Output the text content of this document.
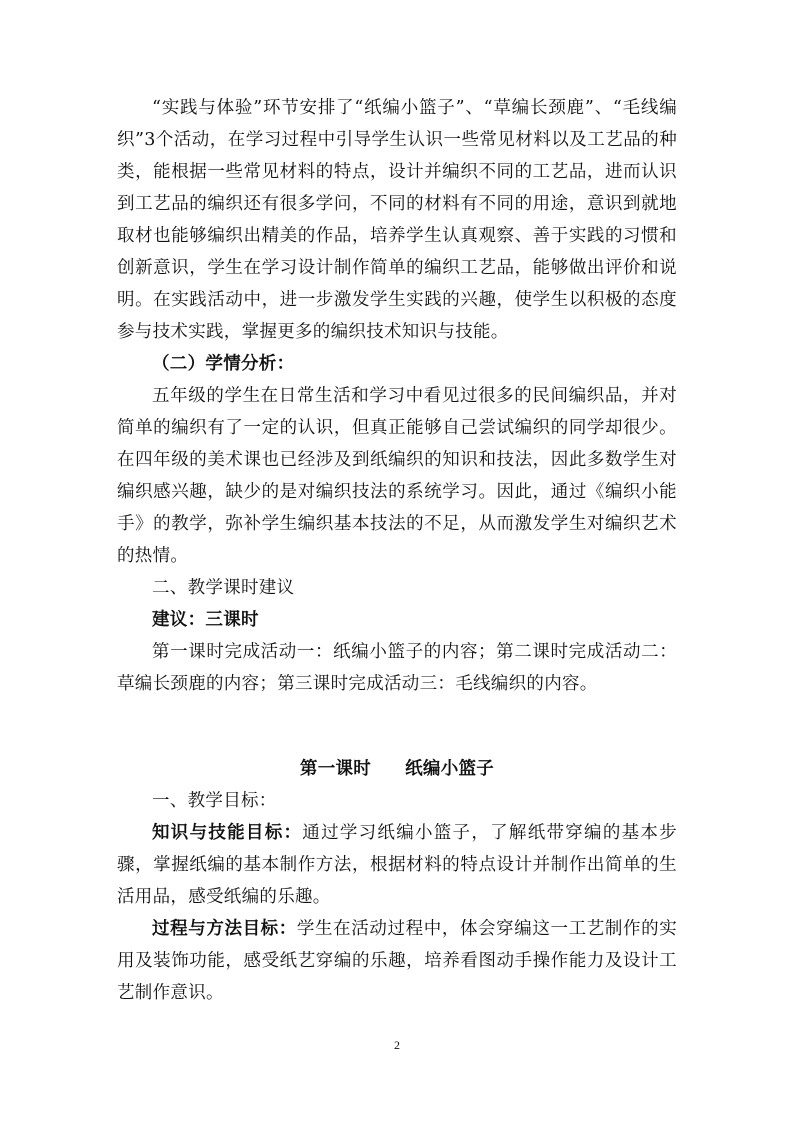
“实践与体验”环节安排了“纸编小篮子”、“草编长颈鹿”、“毛线编织”3个活动，在学习过程中引导学生认识一些常见材料以及工艺品的种类，能根据一些常见材料的特点，设计并编织不同的工艺品，进而认识到工艺品的编织还有很多学问，不同的材料有不同的用途，意识到就地取材也能够编织出精美的作品，培养学生认真观察、善于实践的习惯和创新意识，学生在学习设计制作简单的编织工艺品，能够做出评价和说明。在实践活动中，进一步激发学生实践的兴趣，使学生以积极的态度参与技术实践，掌握更多的编织技术知识与技能。

（二）学情分析：

五年级的学生在日常生活和学习中看见过很多的民间编织品，并对简单的编织有了一定的认识，但真正能够自己尝试编织的同学却很少。在四年级的美术课也已经涉及到纸编织的知识和技法，因此多数学生对编织感兴趣，缺少的是对编织技法的系统学习。因此，通过《编织小能手》的教学，弥补学生编织基本技法的不足，从而激发学生对编织艺术的热情。

二、教学课时建议

建议：三课时

第一课时完成活动一：纸编小篮子的内容；第二课时完成活动二：草编长颈鹿的内容；第三课时完成活动三：毛线编织的内容。

第一课时 纸编小篮子

一、教学目标：

知识与技能目标：通过学习纸编小篮子，了解纸带穿编的基本步骤，掌握纸编的基本制作方法，根据材料的特点设计并制作出简单的生活用品，感受纸编的乐趣。

过程与方法目标：学生在活动过程中，体会穿编这一工艺制作的实用及装饰功能，感受纸艺穿编的乐趣，培养看图动手操作能力及设计工艺制作意识。

2
